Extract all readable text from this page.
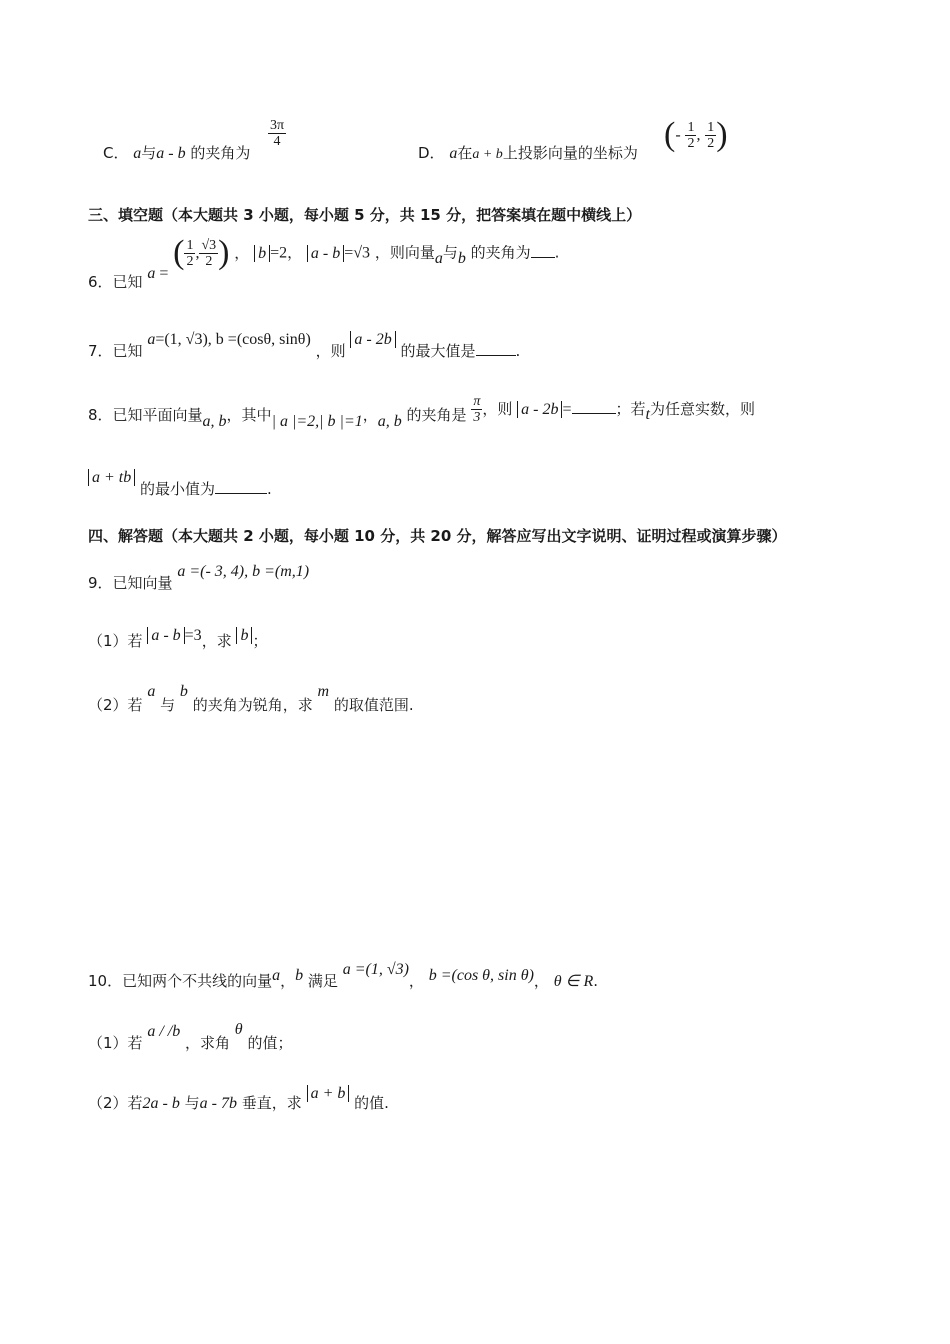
C． a与a - b 的夹角为
$\frac{3\pi}{4}$
D． a在a + b上投影向量的坐标为 (- $\frac{1}{2}$ , $\frac{1}{2}$ )
三、填空题（本大题共 3 小题，每小题 5 分，共 15 分，把答案填在题中横线上）
6．已知 a = ( $\frac{1}{2}$ , $\frac{√3}{2}$ ) ， b =2， a - b =√3 ，则向量a与b 的夹角为 .
7．已知 a=(1, √3), b =(cosθ, sinθ) ，则 a - 2b 的最大值是	.
8．已知平面向量a, b，其中| a |=2,| b |=1，a, b 的夹角是 $\frac{\pi}{3}$ ，则 a - 2b =	；若t为任意实数，则
a + tb 的最小值为	.
四、解答题（本大题共 2 小题，每小题 10 分，共 20 分，解答应写出文字说明、证明过程或演算步骤）
9．已知向量 a =(- 3, 4), b =(m,1)
（1）若 a - b =3，求 b ；
（2）若 a 与 b 的夹角为锐角，求 m 的取值范围.
10．已知两个不共线的向量a，b 满足 a =(1, √3)， b =(cos θ, sin θ)， θ ∈ R.
（1）若 a / /b ，求角 θ 的值；
（2）若2a - b 与a - 7b 垂直，求 a + b 的值.
